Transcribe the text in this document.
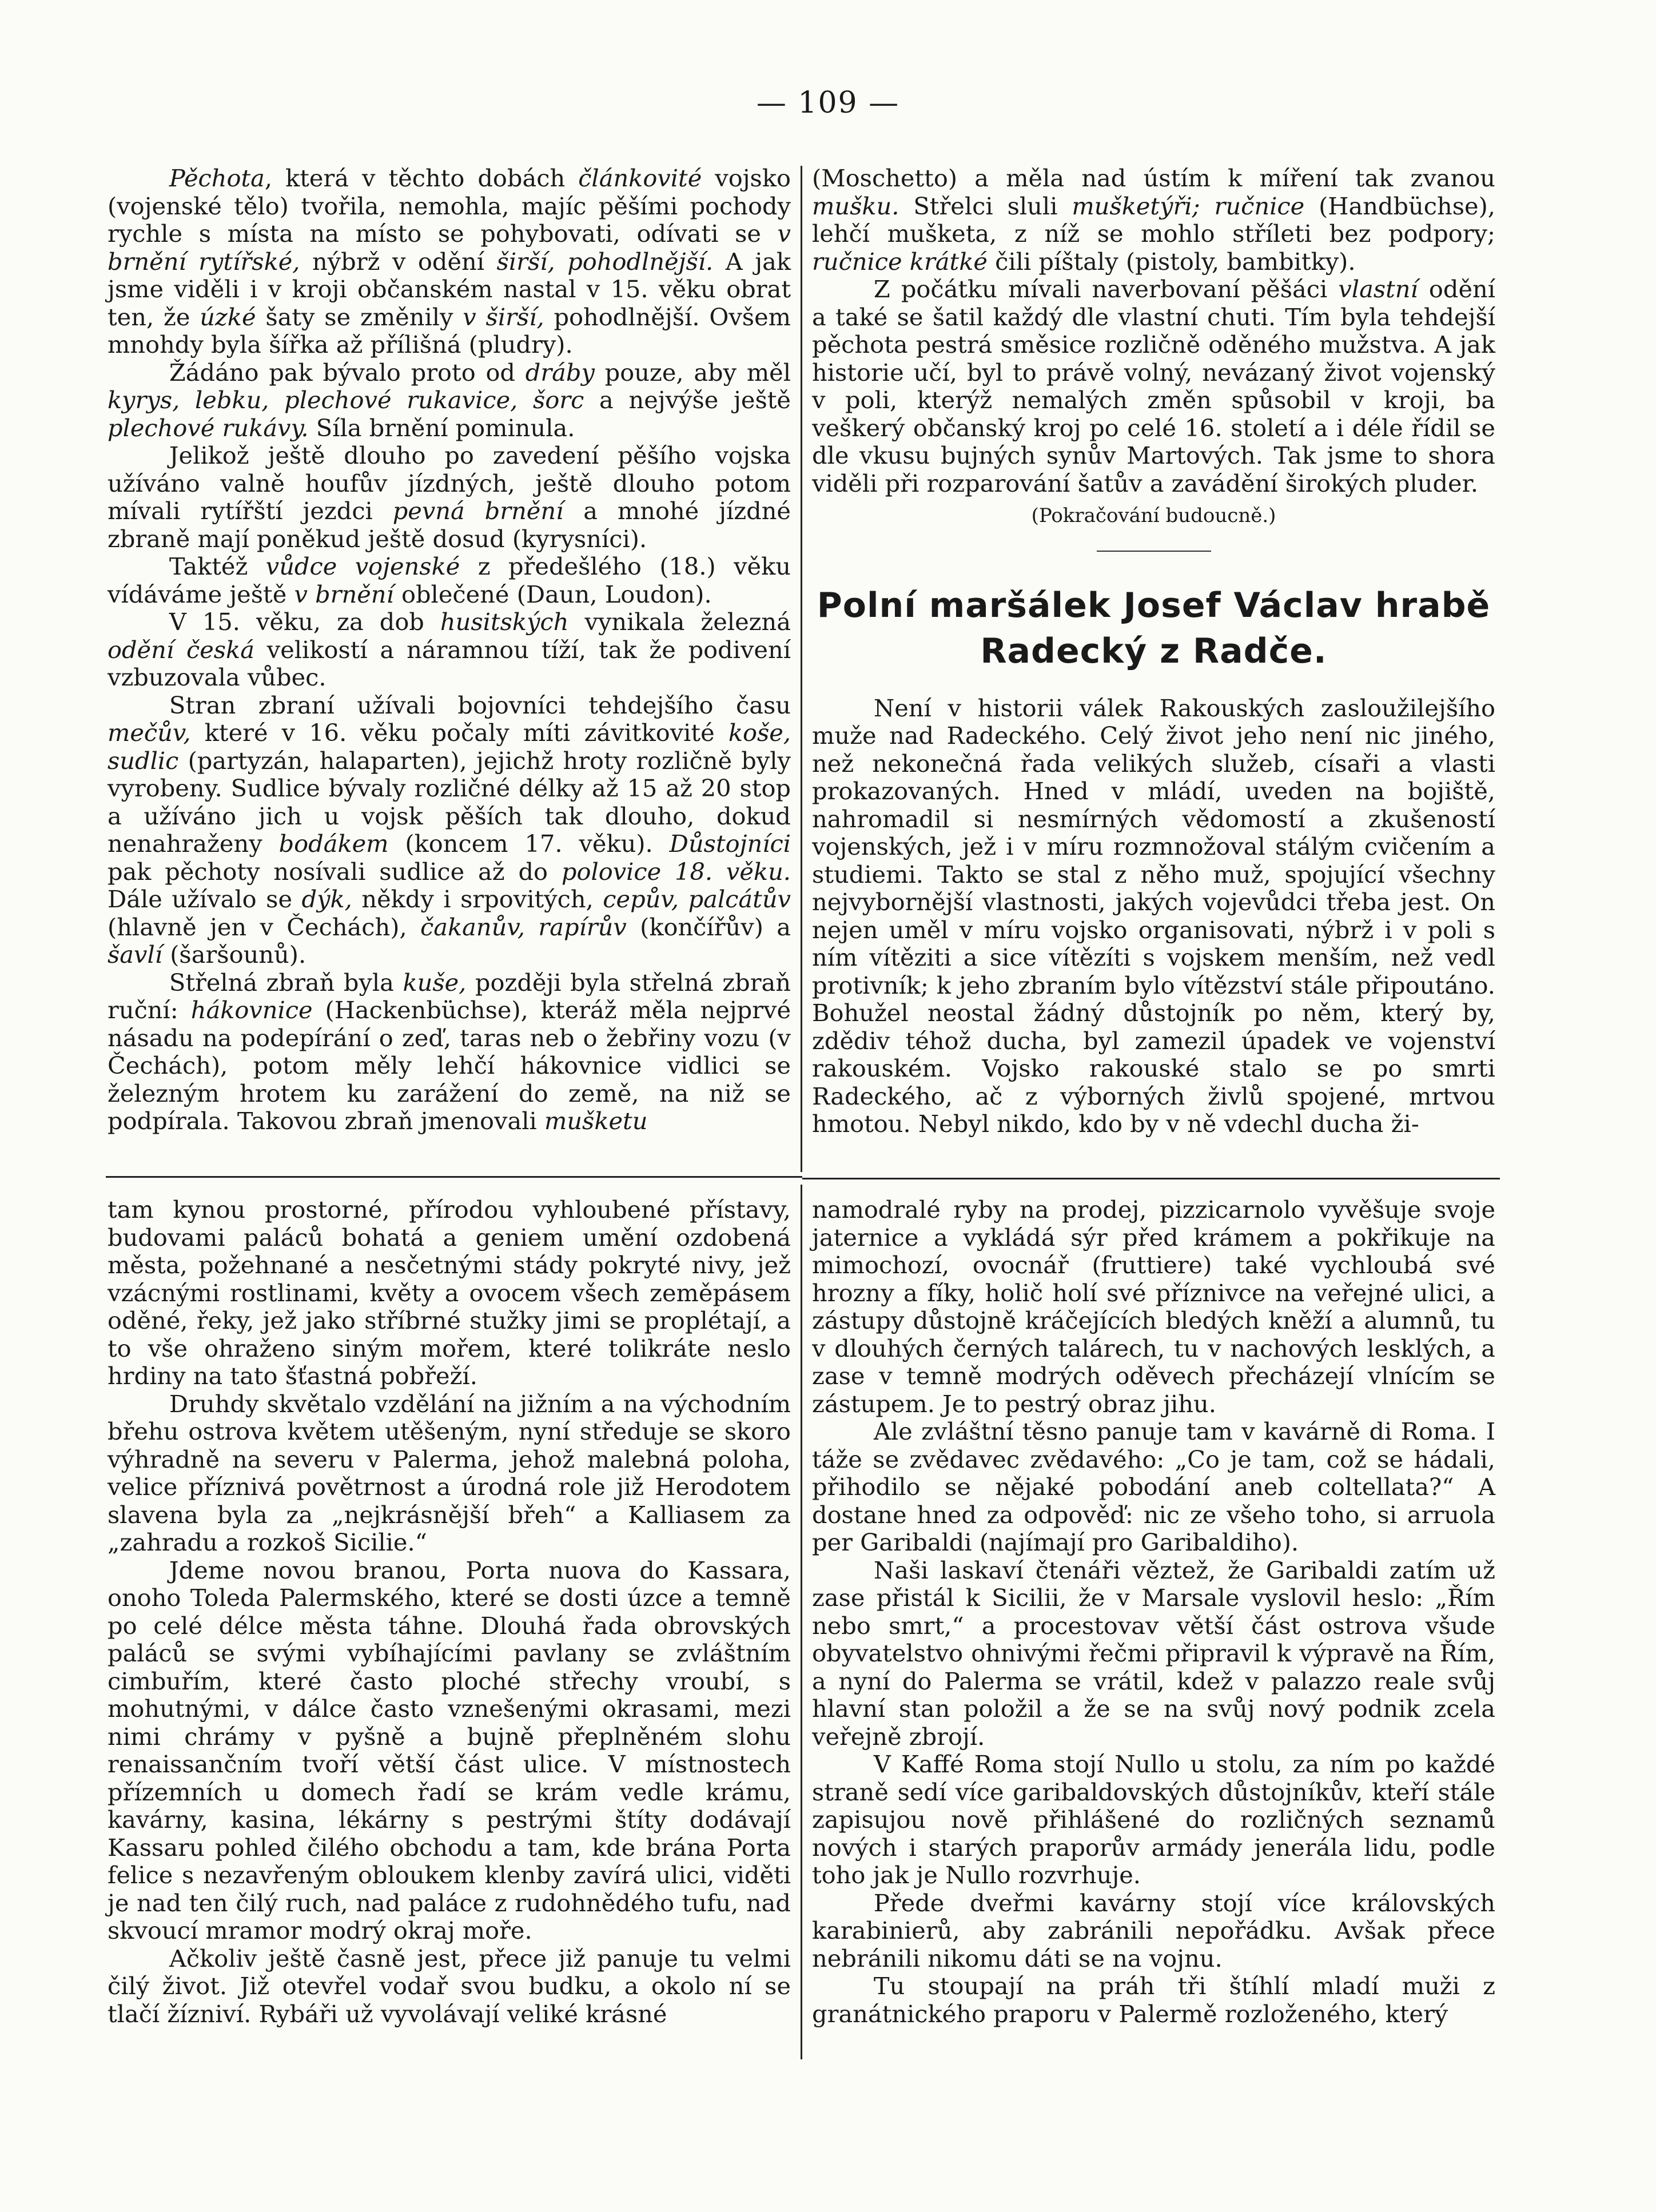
— 109 —

Pěchota, která v těchto dobách článkovité vojsko (vojenské tělo) tvořila, nemohla, majíc pěšími pochody rychle s místa na místo se pohybovati, odívati se v brnění rytířské, nýbrž v odění širší, pohodlnější. A jak jsme viděli i v kroji občanském nastal v 15. věku obrat ten, že úzké šaty se změnily v širší, pohodlnější. Ovšem mnohdy byla šířka až přílišná (pludry).

Žádáno pak bývalo proto od dráby pouze, aby měl kyrys, lebku, plechové rukavice, šorc a nejvýše ještě plechové rukávy. Síla brnění pominula.

Jelikož ještě dlouho po zavedení pěšího vojska užíváno valně houfův jízdných, ještě dlouho potom mívali rytířští jezdci pevná brnění a mnohé jízdné zbraně mají poněkud ještě dosud (kyrysníci).

Taktéž vůdce vojenské z předešlého (18.) věku vídáváme ještě v brnění oblečené (Daun, Loudon).

V 15. věku, za dob husitských vynikala železná odění česká velikostí a náramnou tíží, tak že podivení vzbuzovala vůbec.

Stran zbraní užívali bojovníci tehdejšího času mečův, které v 16. věku počaly míti závitkovité koše, sudlic (partyzán, halaparten), jejichž hroty rozličně byly vyrobeny. Sudlice bývaly rozličné délky až 15 až 20 stop a užíváno jich u vojsk pěších tak dlouho, dokud nenahraženy bodákem (koncem 17. věku). Důstojníci pak pěchoty nosívali sudlice až do polovice 18. věku. Dále užívalo se dýk, někdy i srpovitých, cepův, palcátův (hlavně jen v Čechách), čakanův, rapírův (končířův) a šavlí (šaršounů).

Střelná zbraň byla kuše, později byla střelná zbraň ruční: hákovnice (Hackenbüchse), kteráž měla nejprvé násadu na podepírání o zeď, taras neb o žebřiny vozu (v Čechách), potom měly lehčí hákovnice vidlici se železným hrotem ku zarážení do země, na niž se podpírala. Takovou zbraň jmenovali mušketu

(Moschetto) a měla nad ústím k míření tak zvanou mušku. Střelci sluli mušketýři; ručnice (Handbüchse), lehčí mušketa, z níž se mohlo stříleti bez podpory; ručnice krátké čili píštaly (pistoly, bambitky).

Z počátku mívali naverbovaní pěšáci vlastní odění a také se šatil každý dle vlastní chuti. Tím byla tehdejší pěchota pestrá směsice rozličně oděného mužstva. A jak historie učí, byl to právě volný, nevázaný život vojenský v poli, kterýž nemalých změn spůsobil v kroji, ba veškerý občanský kroj po celé 16. století a i déle řídil se dle vkusu bujných synův Martových. Tak jsme to shora viděli při rozparování šatův a zavádění širokých pluder.

(Pokračování budoucně.)

Polní maršálek Josef Václav hrabě Radecký z Radče.

Není v historii válek Rakouských zasloužilejšího muže nad Radeckého. Celý život jeho není nic jiného, než nekonečná řada velikých služeb, císaři a vlasti prokazovaných. Hned v mládí, uveden na bojiště, nahromadil si nesmírných vědomostí a zkušeností vojenských, jež i v míru rozmnožoval stálým cvičením a studiemi. Takto se stal z něho muž, spojující všechny nejvybornější vlastnosti, jakých vojevůdci třeba jest. On nejen uměl v míru vojsko organisovati, nýbrž i v poli s ním vítěziti a sice vítězíti s vojskem menším, než vedl protivník; k jeho zbraním bylo vítězství stále připoutáno. Bohužel neostal žádný důstojník po něm, který by, zdědiv téhož ducha, byl zamezil úpadek ve vojenství rakouském. Vojsko rakouské stalo se po smrti Radeckého, ač z výborných živlů spojené, mrtvou hmotou. Nebyl nikdo, kdo by v ně vdechl ducha ži-

tam kynou prostorné, přírodou vyhloubené přístavy, budovami paláců bohatá a geniem umění ozdobená města, požehnané a nesčetnými stády pokryté nivy, jež vzácnými rostlinami, květy a ovocem všech zeměpásem oděné, řeky, jež jako stříbrné stužky jimi se proplétají, a to vše ohraženo siným mořem, které tolikráte neslo hrdiny na tato šťastná pobřeží.

Druhdy skvětalo vzdělání na jižním a na východním břehu ostrova květem utěšeným, nyní středuje se skoro výhradně na severu v Palerma, jehož malebná poloha, velice příznivá povětrnost a úrodná role již Herodotem slavena byla za „nejkrásnější břeh“ a Kalliasem za „zahradu a rozkoš Sicilie.“

Jdeme novou branou, Porta nuova do Kassara, onoho Toleda Palermského, které se dosti úzce a temně po celé délce města táhne. Dlouhá řada obrovských paláců se svými vybíhajícími pavlany se zvláštním cimbuřím, které často ploché střechy vroubí, s mohutnými, v dálce často vznešenými okrasami, mezi nimi chrámy v pyšně a bujně přeplněném slohu renaissančním tvoří větší část ulice. V místnostech přízemních u domech řadí se krám vedle krámu, kavárny, kasina, lékárny s pestrými štíty dodávají Kassaru pohled čilého obchodu a tam, kde brána Porta felice s nezavřeným obloukem klenby zavírá ulici, viděti je nad ten čilý ruch, nad paláce z rudohnědého tufu, nad skvoucí mramor modrý okraj moře.

Ačkoliv ještě časně jest, přece již panuje tu velmi čilý život. Již otevřel vodař svou budku, a okolo ní se tlačí žízniví. Rybáři už vyvolávají veliké krásné

namodralé ryby na prodej, pizzicarnolo vyvěšuje svoje jaternice a vykládá sýr před krámem a pokřikuje na mimochozí, ovocnář (fruttiere) také vychloubá své hrozny a fíky, holič holí své příznivce na veřejné ulici, a zástupy důstojně kráčejících bledých kněží a alumnů, tu v dlouhých černých talárech, tu v nachových lesklých, a zase v temně modrých oděvech přecházejí vlnícím se zástupem. Je to pestrý obraz jihu.

Ale zvláštní těsno panuje tam v kavárně di Roma. I táže se zvědavec zvědavého: „Co je tam, což se hádali, přihodilo se nějaké pobodání aneb coltellata?“ A dostane hned za odpověď: nic ze všeho toho, si arruola per Garibaldi (najímají pro Garibaldiho).

Naši laskaví čtenáři věztež, že Garibaldi zatím už zase přistál k Sicilii, že v Marsale vyslovil heslo: „Řím nebo smrt,“ a procestovav větší část ostrova všude obyvatelstvo ohnivými řečmi připravil k výpravě na Řím, a nyní do Palerma se vrátil, kdež v palazzo reale svůj hlavní stan položil a že se na svůj nový podnik zcela veřejně zbrojí.

V Kaffé Roma stojí Nullo u stolu, za ním po každé straně sedí více garibaldovských důstojníkův, kteří stále zapisujou nově přihlášené do rozličných seznamů nových i starých praporův armády jenerála lidu, podle toho jak je Nullo rozvrhuje.

Přede dveřmi kavárny stojí více královských karabinierů, aby zabránili nepořádku. Avšak přece nebránili nikomu dáti se na vojnu.

Tu stoupají na práh tři štíhlí mladí muži z granátnického praporu v Palermě rozloženého, který
